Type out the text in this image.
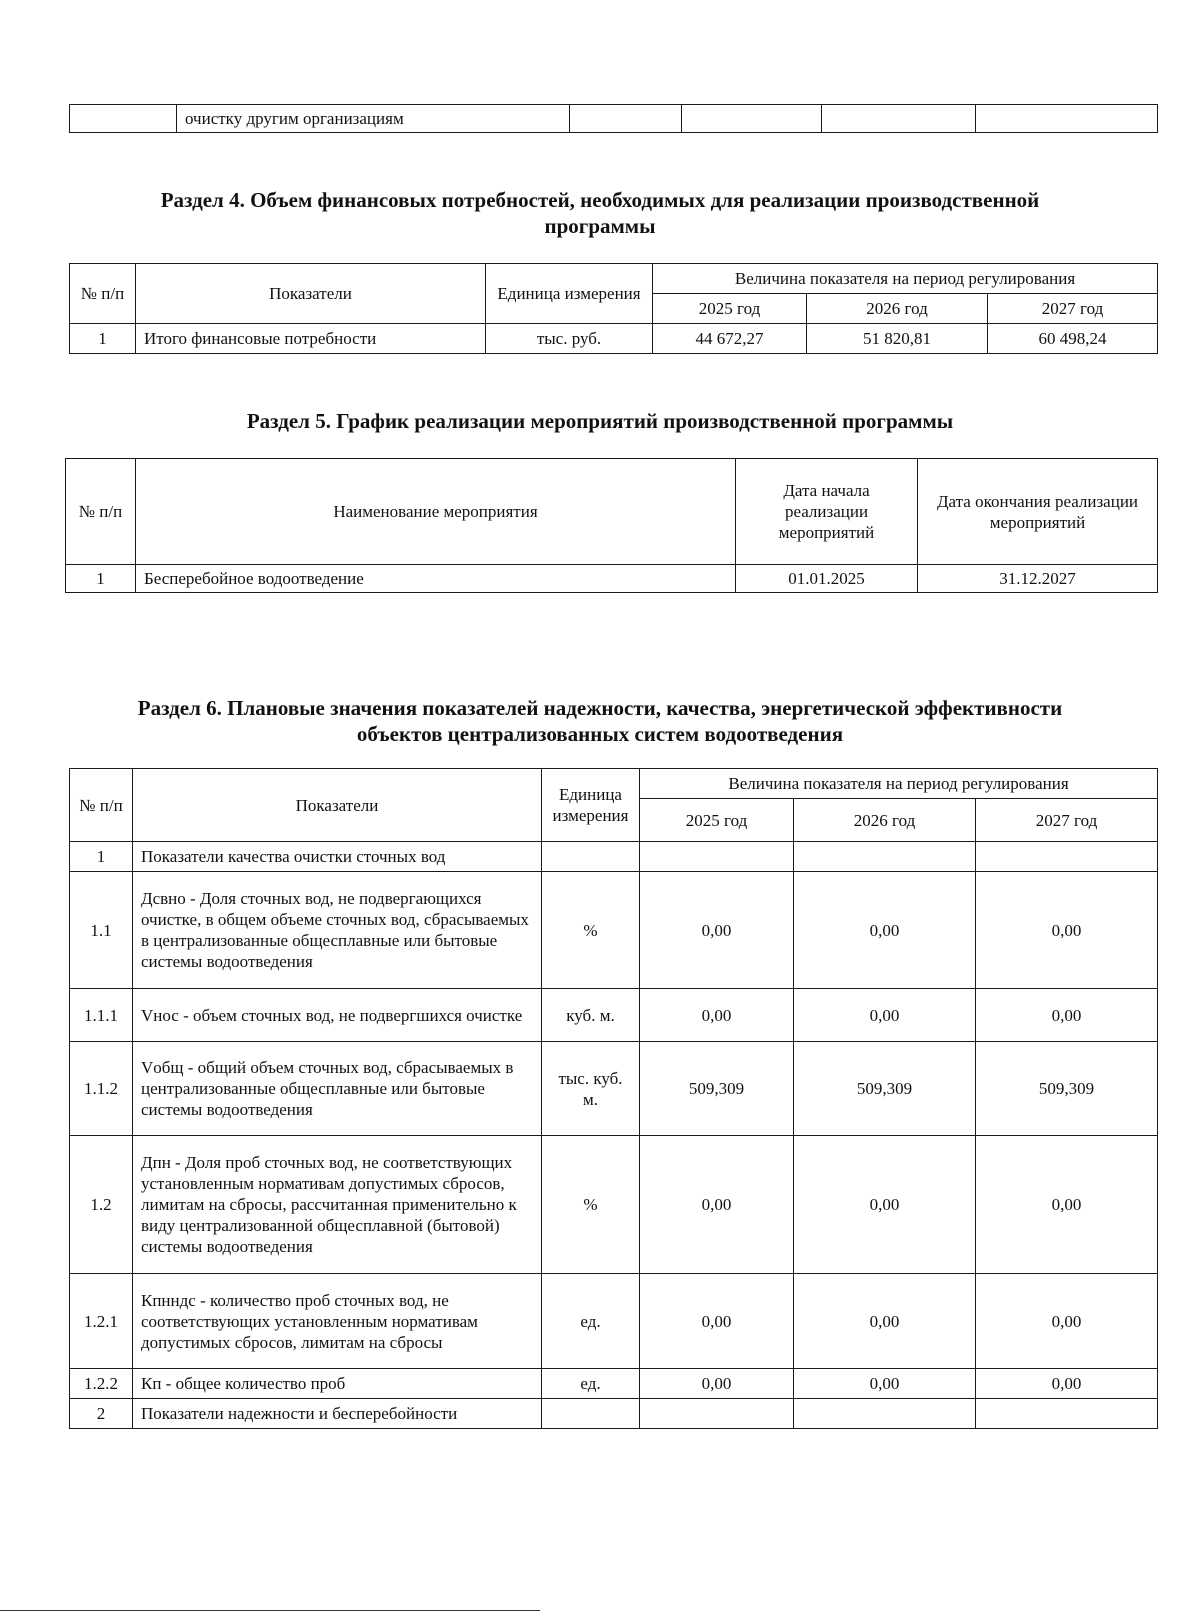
	очистку другим организациям				
Раздел 4. Объем финансовых потребностей, необходимых для реализации производственной
программы
№ п/п	Показатели	Единица измерения	Величина показателя на период регулирования		
			2025 год	2026 год	2027 год
1	Итого финансовые потребности	тыс. руб.	44 672,27	51 820,81	60 498,24
Раздел 5. График реализации мероприятий производственной программы
№ п/п	Наименование мероприятия	Дата начала реализации мероприятий	Дата окончания реализации мероприятий
1	Бесперебойное водоотведение	01.01.2025	31.12.2027
Раздел 6. Плановые значения показателей надежности, качества, энергетической эффективности
объектов централизованных систем водоотведения
№ п/п	Показатели	Единица измерения	Величина показателя на период регулирования		
			2025 год	2026 год	2027 год
1	Показатели качества очистки сточных вод				
1.1	Дсвно - Доля сточных вод, не подвергающихся очистке, в общем объеме сточных вод, сбрасываемых в централизованные общесплавные или бытовые системы водоотведения	%	0,00	0,00	0,00
1.1.1	Vнос - объем сточных вод, не подвергшихся очистке	куб. м.	0,00	0,00	0,00
1.1.2	Vобщ - общий объем сточных вод, сбрасываемых в централизованные общесплавные или бытовые системы водоотведения	тыс. куб. м.	509,309	509,309	509,309
1.2	Дпн - Доля проб сточных вод, не соответствующих установленным нормативам допустимых сбросов, лимитам на сбросы, рассчитанная применительно к виду централизованной общесплавной (бытовой) системы водоотведения	%	0,00	0,00	0,00
1.2.1	Кпнндс - количество проб сточных вод, не соответствующих установленным нормативам допустимых сбросов, лимитам на сбросы	ед.	0,00	0,00	0,00
1.2.2	Кп - общее количество проб	ед.	0,00	0,00	0,00
2	Показатели надежности и бесперебойности				
